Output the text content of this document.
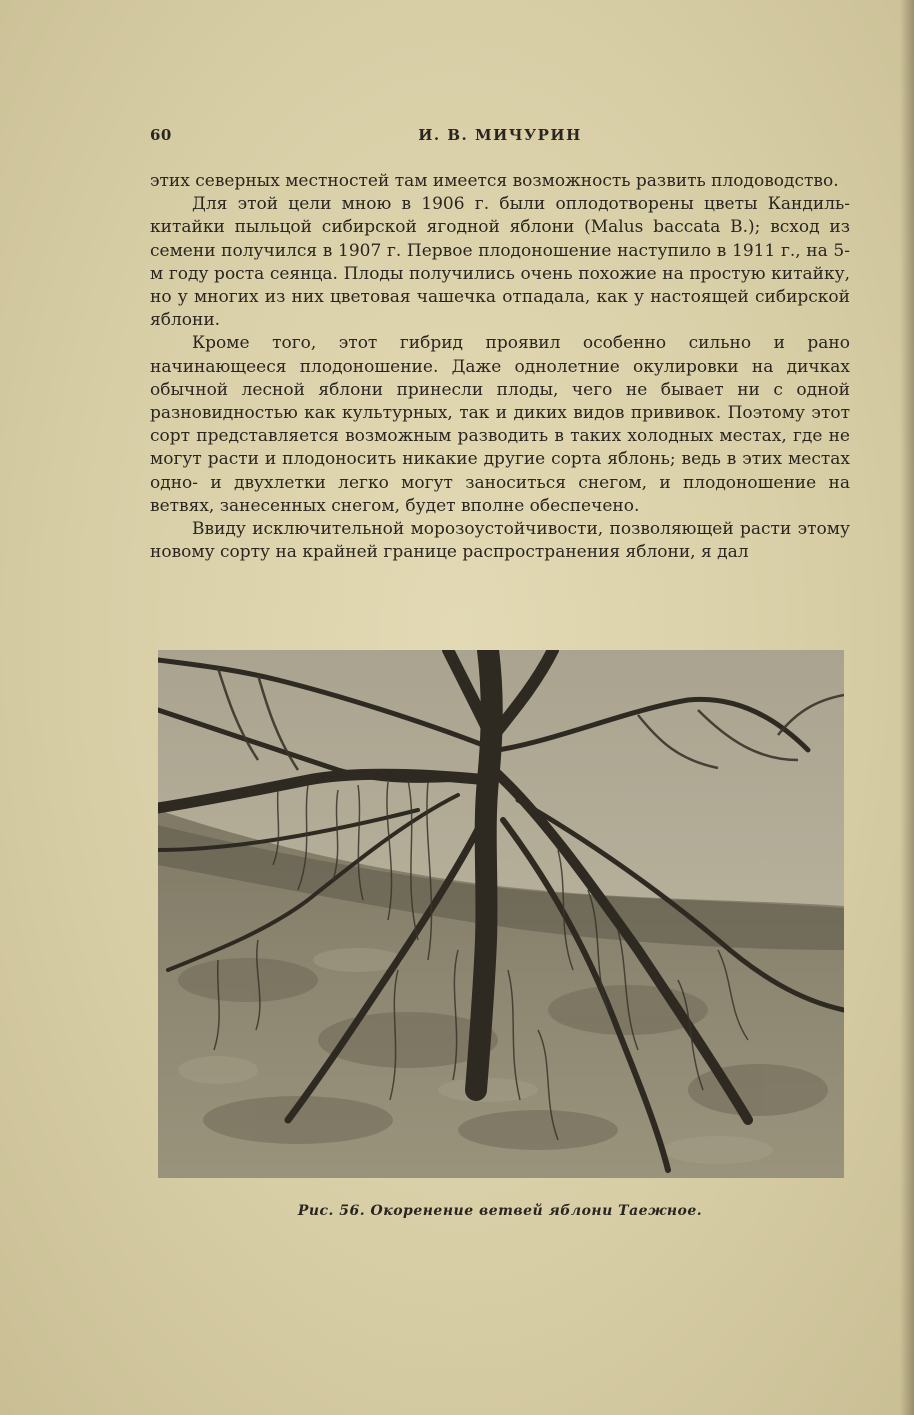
60	И. В. МИЧУРИН

этих северных местностей там имеется возможность развить плодоводство.

Для этой цели мною в 1906 г. были оплодотворены цветы Кандиль-китайки пыльцой сибирской ягодной яблони (Malus baccata B.); всход из семени получился в 1907 г. Первое плодоношение наступило в 1911 г., на 5-м году роста сеянца. Плоды получились очень похожие на простую китайку, но у многих из них цветовая чашечка отпадала, как у настоящей сибирской яблони.

Кроме того, этот гибрид проявил особенно сильно и рано начинающееся плодоношение. Даже однолетние окулировки на дичках обычной лесной яблони принесли плоды, чего не бывает ни с одной разновидностью как культурных, так и диких видов прививок. Поэтому этот сорт представляется возможным разводить в таких холодных местах, где не могут расти и плодоносить никакие другие сорта яблонь; ведь в этих местах одно- и двухлетки легко могут заноситься снегом, и плодоношение на ветвях, занесенных снегом, будет вполне обеспечено.

Ввиду исключительной морозоустойчивости, позволяющей расти этому новому сорту на крайней границе распространения яблони, я дал

Рис. 56. Окоренение ветвей яблони Таежное.
